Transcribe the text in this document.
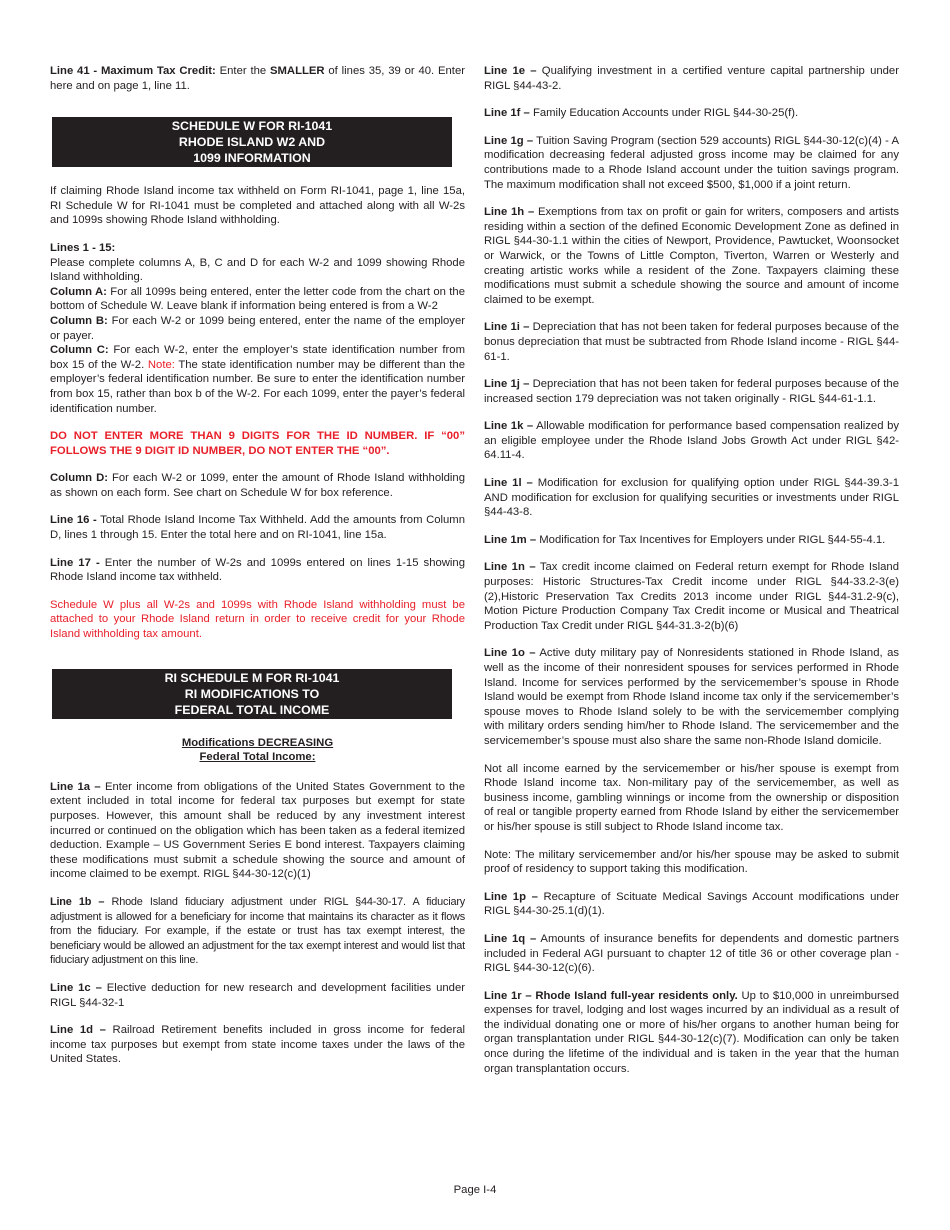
Line 41 - Maximum Tax Credit: Enter the SMALLER of lines 35, 39 or 40. Enter here and on page 1, line 11.

SCHEDULE W FOR RI-1041
RHODE ISLAND W2 AND
1099 INFORMATION

If claiming Rhode Island income tax withheld on Form RI-1041, page 1, line 15a, RI Schedule W for RI-1041 must be completed and attached along with all W-2s and 1099s showing Rhode Island withholding.

Lines 1 - 15:
Please complete columns A, B, C and D for each W-2 and 1099 showing Rhode Island withholding.
Column A: For all 1099s being entered, enter the letter code from the chart on the bottom of Schedule W. Leave blank if information being entered is from a W-2
Column B: For each W-2 or 1099 being entered, enter the name of the employer or payer.
Column C: For each W-2, enter the employer’s state identification number from box 15 of the W-2. Note: The state identification number may be different than the employer’s federal identification number. Be sure to enter the identification number from box 15, rather than box b of the W-2. For each 1099, enter the payer’s federal identification number.

DO NOT ENTER MORE THAN 9 DIGITS FOR THE ID NUMBER. IF “00” FOLLOWS THE 9 DIGIT ID NUMBER, DO NOT ENTER THE “00”.

Column D: For each W-2 or 1099, enter the amount of Rhode Island withholding as shown on each form. See chart on Schedule W for box reference.

Line 16 - Total Rhode Island Income Tax Withheld. Add the amounts from Column D, lines 1 through 15. Enter the total here and on RI-1041, line 15a.

Line 17 - Enter the number of W-2s and 1099s entered on lines 1-15 showing Rhode Island income tax withheld.

Schedule W plus all W-2s and 1099s with Rhode Island withholding must be attached to your Rhode Island return in order to receive credit for your Rhode Island withholding tax amount.

RI SCHEDULE M FOR RI-1041
RI MODIFICATIONS TO
FEDERAL TOTAL INCOME
Modifications DECREASING
Federal Total Income:

Line 1a – Enter income from obligations of the United States Government to the extent included in total income for federal tax purposes but exempt for state purposes. However, this amount shall be reduced by any investment interest incurred or continued on the obligation which has been taken as a federal itemized deduction. Example – US Government Series E bond interest. Taxpayers claiming these modifications must submit a schedule showing the source and amount of income claimed to be exempt. RIGL §44-30-12(c)(1)

Line 1b – Rhode Island fiduciary adjustment under RIGL §44-30-17. A fiduciary adjustment is allowed for a beneficiary for income that maintains its character as it flows from the fiduciary. For example, if the estate or trust has tax exempt interest, the beneficiary would be allowed an adjustment for the tax exempt interest and would list that fiduciary adjustment on this line.

Line 1c – Elective deduction for new research and development facilities under RIGL §44-32-1

Line 1d – Railroad Retirement benefits included in gross income for federal income tax purposes but exempt from state income taxes under the laws of the United States.

Line 1e – Qualifying investment in a certified venture capital partnership under RIGL §44-43-2.

Line 1f – Family Education Accounts under RIGL §44-30-25(f).

Line 1g – Tuition Saving Program (section 529 accounts) RIGL §44-30-12(c)(4) - A modification decreasing federal adjusted gross income may be claimed for any contributions made to a Rhode Island account under the tuition savings program. The maximum modification shall not exceed $500, $1,000 if a joint return.

Line 1h – Exemptions from tax on profit or gain for writers, composers and artists residing within a section of the defined Economic Development Zone as defined in RIGL §44-30-1.1 within the cities of Newport, Providence, Pawtucket, Woonsocket or Warwick, or the Towns of Little Compton, Tiverton, Warren or Westerly and creating artistic works while a resident of the Zone. Taxpayers claiming these modifications must submit a schedule showing the source and amount of income claimed to be exempt.

Line 1i – Depreciation that has not been taken for federal purposes because of the bonus depreciation that must be subtracted from Rhode Island income - RIGL §44-61-1.

Line 1j – Depreciation that has not been taken for federal purposes because of the increased section 179 depreciation was not taken originally - RIGL §44-61-1.1.

Line 1k – Allowable modification for performance based compensation realized by an eligible employee under the Rhode Island Jobs Growth Act under RIGL §42-64.11-4.

Line 1l – Modification for exclusion for qualifying option under RIGL §44-39.3-1 AND modification for exclusion for qualifying securities or investments under RIGL §44-43-8.

Line 1m – Modification for Tax Incentives for Employers under RIGL §44-55-4.1.

Line 1n – Tax credit income claimed on Federal return exempt for Rhode Island purposes: Historic Structures-Tax Credit income under RIGL §44-33.2-3(e)(2),Historic Preservation Tax Credits 2013 income under RIGL §44-31.2-9(c), Motion Picture Production Company Tax Credit income or Musical and Theatrical Production Tax Credit under RIGL §44-31.3-2(b)(6)

Line 1o – Active duty military pay of Nonresidents stationed in Rhode Island, as well as the income of their nonresident spouses for services performed in Rhode Island. Income for services performed by the servicemember’s spouse in Rhode Island would be exempt from Rhode Island income tax only if the servicemember’s spouse moves to Rhode Island solely to be with the servicemember complying with military orders sending him/her to Rhode Island. The servicemember and the servicemember’s spouse must also share the same non-Rhode Island domicile.

Not all income earned by the servicemember or his/her spouse is exempt from Rhode Island income tax. Non-military pay of the servicemember, as well as business income, gambling winnings or income from the ownership or disposition of real or tangible property earned from Rhode Island by either the servicemember or his/her spouse is still subject to Rhode Island income tax.

Note: The military servicemember and/or his/her spouse may be asked to submit proof of residency to support taking this modification.

Line 1p – Recapture of Scituate Medical Savings Account modifications under RIGL §44-30-25.1(d)(1).

Line 1q – Amounts of insurance benefits for dependents and domestic partners included in Federal AGI pursuant to chapter 12 of title 36 or other coverage plan - RIGL §44-30-12(c)(6).

Line 1r – Rhode Island full-year residents only. Up to $10,000 in unreimbursed expenses for travel, lodging and lost wages incurred by an individual as a result of the individual donating one or more of his/her organs to another human being for organ transplantation under RIGL §44-30-12(c)(7). Modification can only be taken once during the lifetime of the individual and is taken in the year that the human organ transplantation occurs.

Page I-4
